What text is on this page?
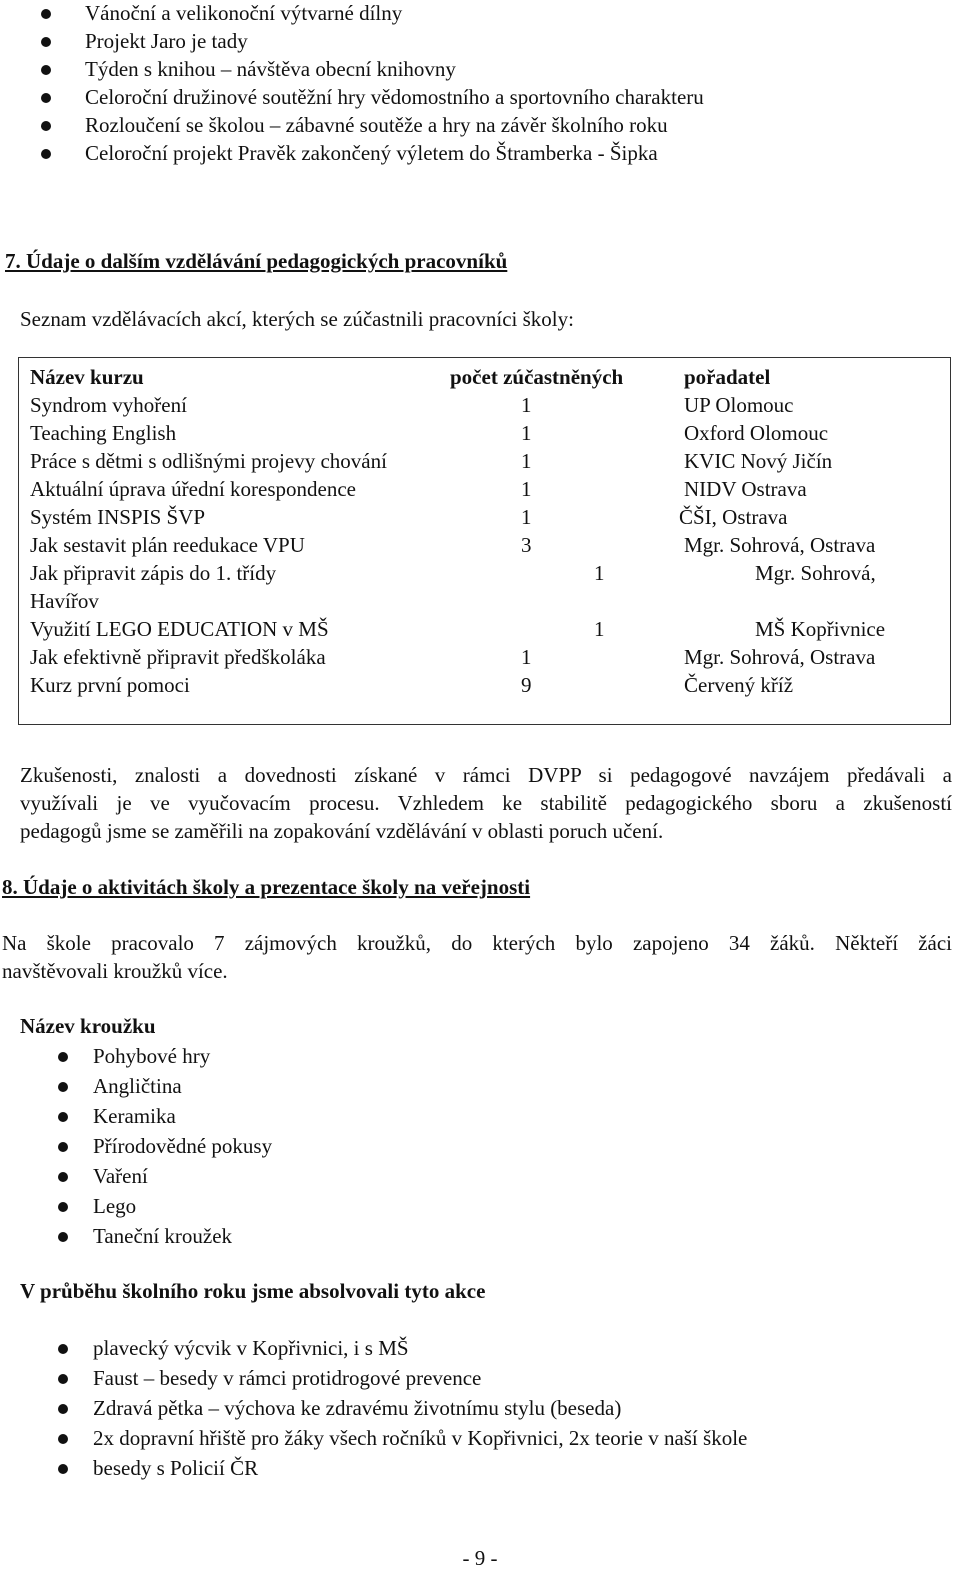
Vánoční a velikonoční výtvarné dílny
Projekt Jaro je tady
Týden s knihou – návštěva obecní knihovny
Celoroční družinové soutěžní hry vědomostního a sportovního charakteru
Rozloučení se školou – zábavné soutěže a hry na závěr školního roku
Celoroční projekt Pravěk zakončený výletem do Štramberka - Šipka
7. Údaje o dalším vzdělávání pedagogických pracovníků
Seznam vzdělávacích akcí, kterých se zúčastnili pracovníci školy:
Název kurzu	počet zúčastněných	pořadatel
Syndrom vyhoření	1	UP Olomouc
Teaching English	1	Oxford Olomouc
Práce s dětmi s odlišnými projevy chování	1	KVIC Nový Jičín
Aktuální úprava úřední korespondence	1	NIDV Ostrava
Systém INSPIS ŠVP	1	ČŠI, Ostrava
Jak sestavit plán reedukace VPU	3	Mgr. Sohrová, Ostrava
Jak připravit zápis do 1. třídy	1	Mgr. Sohrová,
Havířov
Využití LEGO EDUCATION v MŠ	1	MŠ Kopřivnice
Jak efektivně připravit předškoláka	1	Mgr. Sohrová, Ostrava
Kurz první pomoci	9	Červený kříž
Zkušenosti, znalosti a dovednosti získané v rámci DVPP si pedagogové navzájem předávali a
využívali je ve vyučovacím procesu. Vzhledem ke stabilitě pedagogického sboru a zkušeností
pedagogů jsme se zaměřili na zopakování vzdělávání v oblasti poruch učení.
8. Údaje o aktivitách školy a prezentace školy na veřejnosti
Na škole pracovalo 7 zájmových kroužků, do kterých bylo zapojeno 34 žáků. Někteří žáci
navštěvovali kroužků více.
Název kroužku
Pohybové hry
Angličtina
Keramika
Přírodovědné pokusy
Vaření
Lego
Taneční kroužek
V průběhu školního roku jsme absolvovali tyto akce
plavecký výcvik v Kopřivnici, i s MŠ
Faust – besedy v rámci protidrogové prevence
Zdravá pětka – výchova ke zdravému životnímu stylu (beseda)
2x dopravní hřiště pro žáky všech ročníků v Kopřivnici, 2x teorie v naší škole
besedy s Policií ČR
- 9 -
